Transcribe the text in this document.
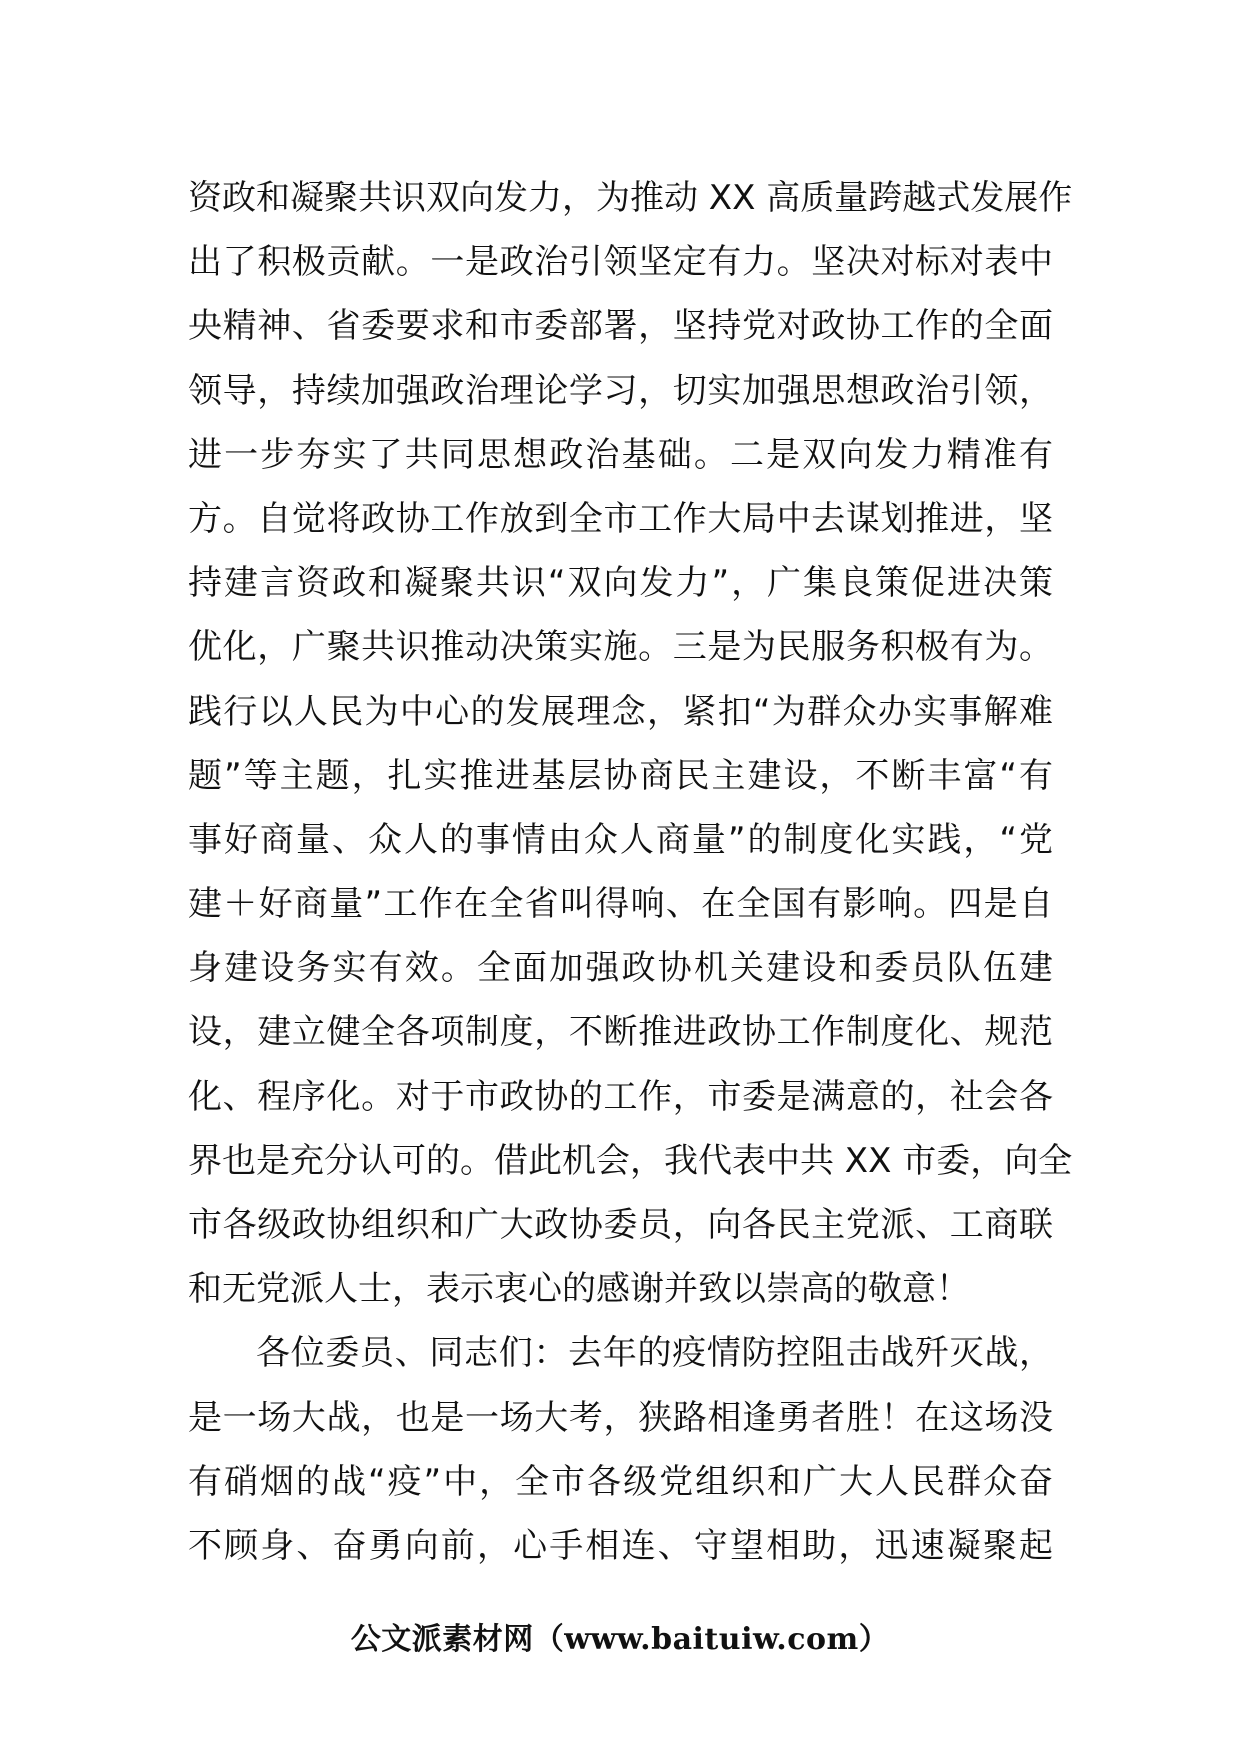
资政和凝聚共识双向发力，为推动 XX 高质量跨越式发展作
出了积极贡献。一是政治引领坚定有力。坚决对标对表中
央精神、省委要求和市委部署，坚持党对政协工作的全面
领导，持续加强政治理论学习，切实加强思想政治引领，
进一步夯实了共同思想政治基础。二是双向发力精准有
方。自觉将政协工作放到全市工作大局中去谋划推进，坚
持建言资政和凝聚共识“双向发力”，广集良策促进决策
优化，广聚共识推动决策实施。三是为民服务积极有为。
践行以人民为中心的发展理念，紧扣“为群众办实事解难
题”等主题，扎实推进基层协商民主建设，不断丰富“有
事好商量、众人的事情由众人商量”的制度化实践，“党
建＋好商量”工作在全省叫得响、在全国有影响。四是自
身建设务实有效。全面加强政协机关建设和委员队伍建
设，建立健全各项制度，不断推进政协工作制度化、规范
化、程序化。对于市政协的工作，市委是满意的，社会各
界也是充分认可的。借此机会，我代表中共 XX 市委，向全
市各级政协组织和广大政协委员，向各民主党派、工商联
和无党派人士，表示衷心的感谢并致以崇高的敬意！
各位委员、同志们：去年的疫情防控阻击战歼灭战，
是一场大战，也是一场大考，狭路相逢勇者胜！在这场没
有硝烟的战“疫”中，全市各级党组织和广大人民群众奋
不顾身、奋勇向前，心手相连、守望相助，迅速凝聚起
公文派素材网（www.baituiw.com）
